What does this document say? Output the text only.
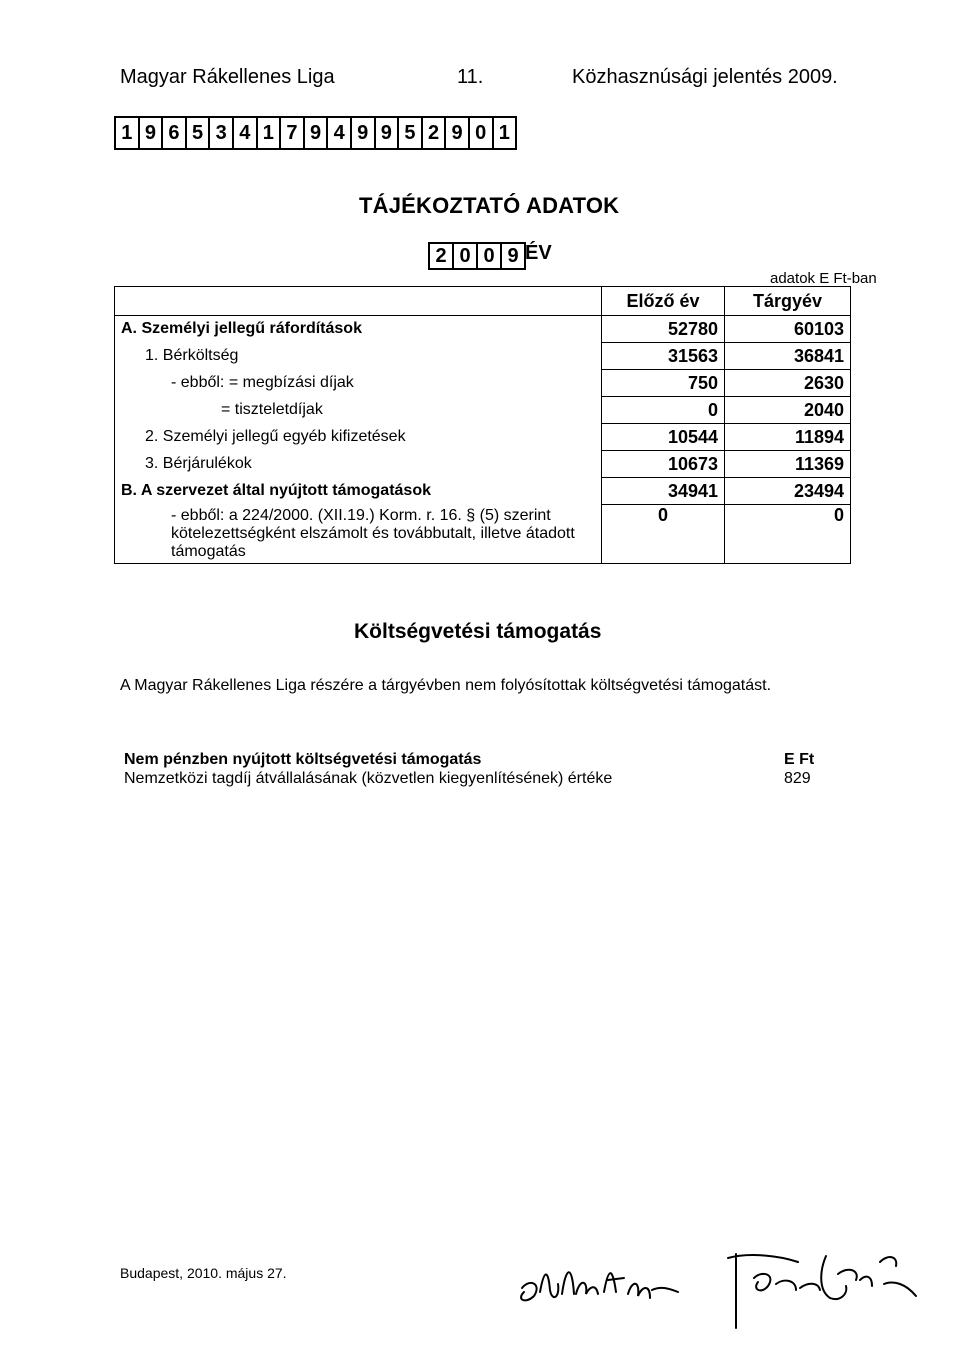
Magyar Rákellenes Liga	11.	Közhasznúsági jelentés 2009.
1 9 6 5 3 4 1 7 9 4 9 9 5 2 9 0 1
TÁJÉKOZTATÓ ADATOK
2 0 0 9 ÉV
adatok E Ft-ban
	Előző év	Tárgyév
A. Személyi jellegű ráfordítások	52780	60103
1. Bérköltség	31563	36841
- ebből: = megbízási díjak	750	2630
= tiszteletdíjak	0	2040
2. Személyi jellegű egyéb kifizetések	10544	11894
3. Bérjárulékok	10673	11369
B. A szervezet által nyújtott támogatások	34941	23494
- ebből: a 224/2000. (XII.19.) Korm. r. 16. § (5) szerint kötelezettségként elszámolt és továbbutalt, illetve átadott támogatás	0	0
Költségvetési támogatás
A Magyar Rákellenes Liga részére a tárgyévben nem folyósítottak költségvetési támogatást.
Nem pénzben nyújtott költségvetési támogatás	E Ft
Nemzetközi tagdíj átvállalásának (közvetlen kiegyenlítésének) értéke	829
Budapest, 2010. május 27.
